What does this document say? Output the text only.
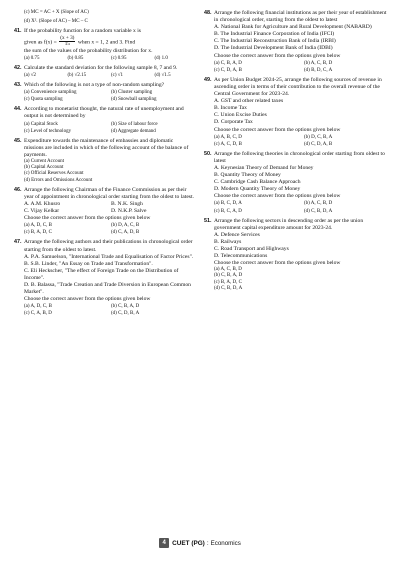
(c) MC = AC + X (Slope of AC)
(d) X². (Slope of AC) – MC – C
41. If the probability function for a random variable x is
given as $f(x) = \frac{(x + 3)}{15}$ when x = 1, 2 and 3. Find
the sum of the values of the probability distribution for x.
(a) 0.75	(b) 0.85	(c) 0.95	(d) 1.0
42. Calculate the standard deviation for the following sample 8, 7 and 9.
(a) √2	(b) √2.15	(c) √1	(d) √1.5
43. Which of the following is not a type of non-random sampling?
(a) Convenience sampling	(b) Cluster sampling
(c) Quota sampling	(d) Snowball sampling
44. According to monetarist thought, the natural rate of unemployment and output is not determined by
(a) Capital Stock	(b) Size of labour force
(c) Level of technology	(d) Aggregate demand
45. Expenditure towards the maintenance of embassies and diplomatic missions are included in which of the following account of the balance of payments.
(a) Current Account
(b) Capital Account
(c) Official Reserves Account
(d) Errors and Omissions Account
46. Arrange the following Chairman of the Finance Commission as per their year of appointment in chronological order starting from the oldest to latest.
A. A.M. Khusro	B. N.K. Singh
C. Vijay Kelkar	D. N.K.P. Salve
Choose the correct answer from the options given below
(a) A, D, C, B	(b) D, A, C, B
(c) B, A, D, C	(d) C, A, D, B
47. Arrange the following authors and their publications in chronological order starting from the oldest to latest.
A. P.A. Samuelson, "International Trade and Equalisation of Factor Prices".
B. S.B. Linder, "An Essay on Trade and Transformation".
C. Eli Heckscher, "The effect of Foreign Trade on the Distribution of Income".
D. B. Balassa, "Trade Creation and Trade Diversion in European Common Market".
Choose the correct answer from the options given below
(a) A, D, C, B	(b) C, B, A, D
(c) C, A, B, D	(d) C, D, B, A
48. Arrange the following financial institutions as per their year of establishment in chronological order, starting from the oldest to latest
A. National Bank for Agriculture and Rural Development (NABARD)
B. The Industrial Finance Corporation of India (IFCI)
C. The Industrial Reconstruction Bank of India (IRBI)
D. The Industrial Development Bank of India (IDBI)
Choose the correct answer from the options given below
(a) C, B, A, D	(b) A, C, B, D
(c) C, D, A, B	(d) B, D, C, A
49. As per Union Budget 2024-25, arrange the following sources of revenue in ascending order in terms of their contribution to the overall revenue of the Central Government for 2023-24.
A. GST and other related taxes
B. Income Tax
C. Union Excise Duties
D. Corporate Tax
Choose the correct answer from the options given below
(a) A, B, C, D	(b) D, C, B, A
(c) A, C, D, B	(d) C, D, A, B
50. Arrange the following theories in chronological order starting from oldest to latest
A. Keynesian Theory of Demand for Money
B. Quantity Theory of Money
C. Cambridge Cash Balance Approach
D. Modern Quantity Theory of Money
Choose the correct answer from the options given below
(a) B, C, D, A	(b) A, C, B, D
(c) B, C, A, D	(d) C, B, D, A
51. Arrange the following sectors in descending order as per the union government capital expenditure amount for 2023-24.
A. Defence Services
B. Railways
C. Road Transport and Highways
D. Telecommunications
Choose the correct answer from the options given below
(a) A, C, B, D
(b) C, B, A, D
(c) B, A, D, C
(d) C, B, D, A
4 CUET (PG) : Economics
